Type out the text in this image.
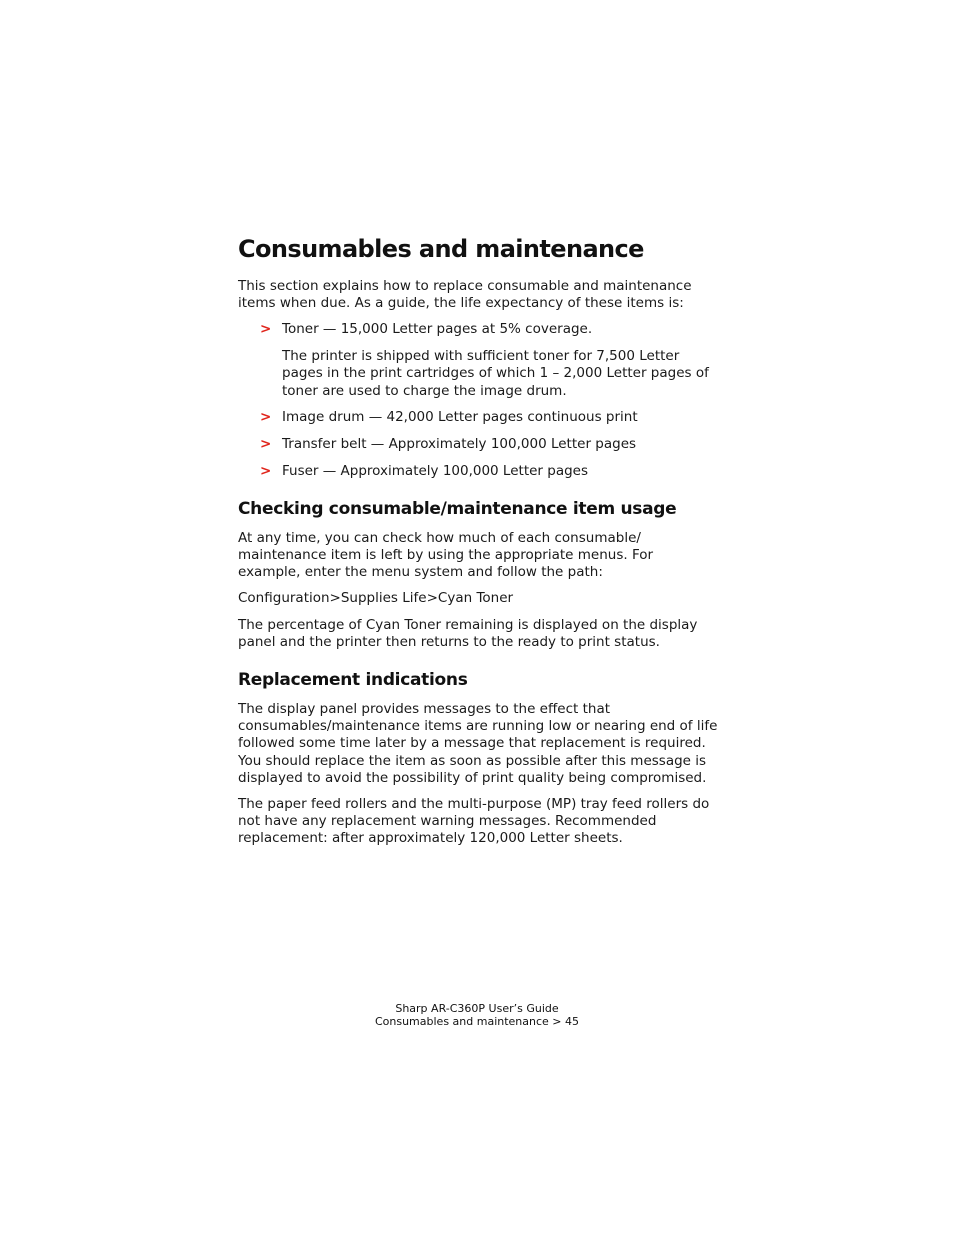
Consumables and maintenance

This section explains how to replace consumable and maintenance items when due. As a guide, the life expectancy of these items is:

> Toner — 15,000 Letter pages at 5% coverage.

The printer is shipped with sufficient toner for 7,500 Letter pages in the print cartridges of which 1 – 2,000 Letter pages of toner are used to charge the image drum.

> Image drum — 42,000 Letter pages continuous print
> Transfer belt — Approximately 100,000 Letter pages
> Fuser — Approximately 100,000 Letter pages
Checking consumable/maintenance item usage

At any time, you can check how much of each consumable/ maintenance item is left by using the appropriate menus. For example, enter the menu system and follow the path:

Configuration>Supplies Life>Cyan Toner

The percentage of Cyan Toner remaining is displayed on the display panel and the printer then returns to the ready to print status.

Replacement indications

The display panel provides messages to the effect that consumables/maintenance items are running low or nearing end of life followed some time later by a message that replacement is required. You should replace the item as soon as possible after this message is displayed to avoid the possibility of print quality being compromised.

The paper feed rollers and the multi-purpose (MP) tray feed rollers do not have any replacement warning messages. Recommended replacement: after approximately 120,000 Letter sheets.

Sharp AR-C360P User’s Guide
Consumables and maintenance > 45
